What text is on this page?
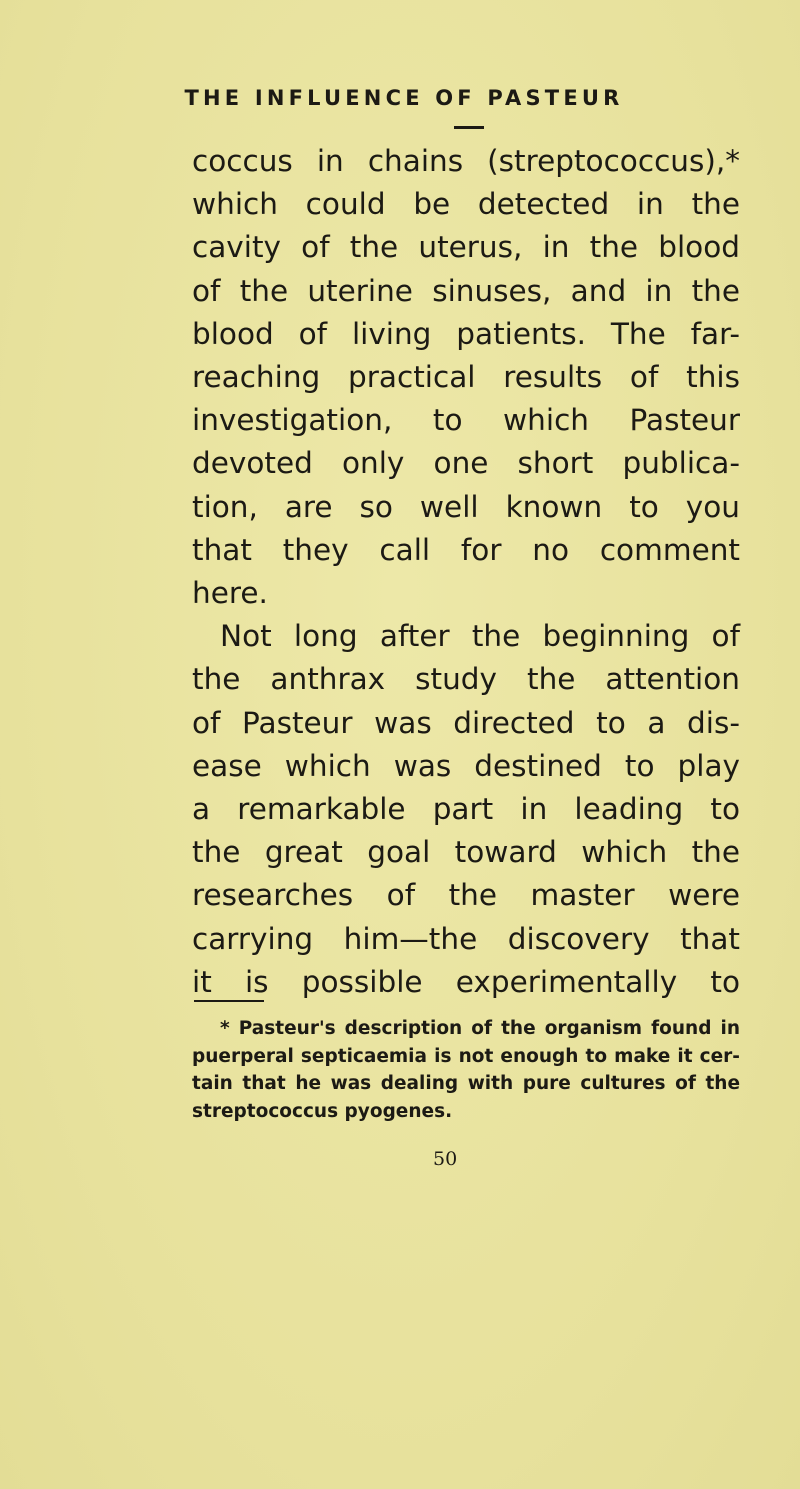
THE INFLUENCE OF PASTEUR
coccus in chains (streptococcus),*
which could be detected in the
cavity of the uterus, in the blood
of the uterine sinuses, and in the
blood of living patients. The far-
reaching practical results of this
investigation, to which Pasteur
devoted only one short publica-
tion, are so well known to you
that they call for no comment
here.
Not long after the beginning of
the anthrax study the attention
of Pasteur was directed to a dis-
ease which was destined to play
a remarkable part in leading to
the great goal toward which the
researches of the master were
carrying him—the discovery that
it is possible experimentally to
* Pasteur's description of the organism found in
puerperal septicaemia is not enough to make it cer-
tain that he was dealing with pure cultures of the
streptococcus pyogenes.
50
